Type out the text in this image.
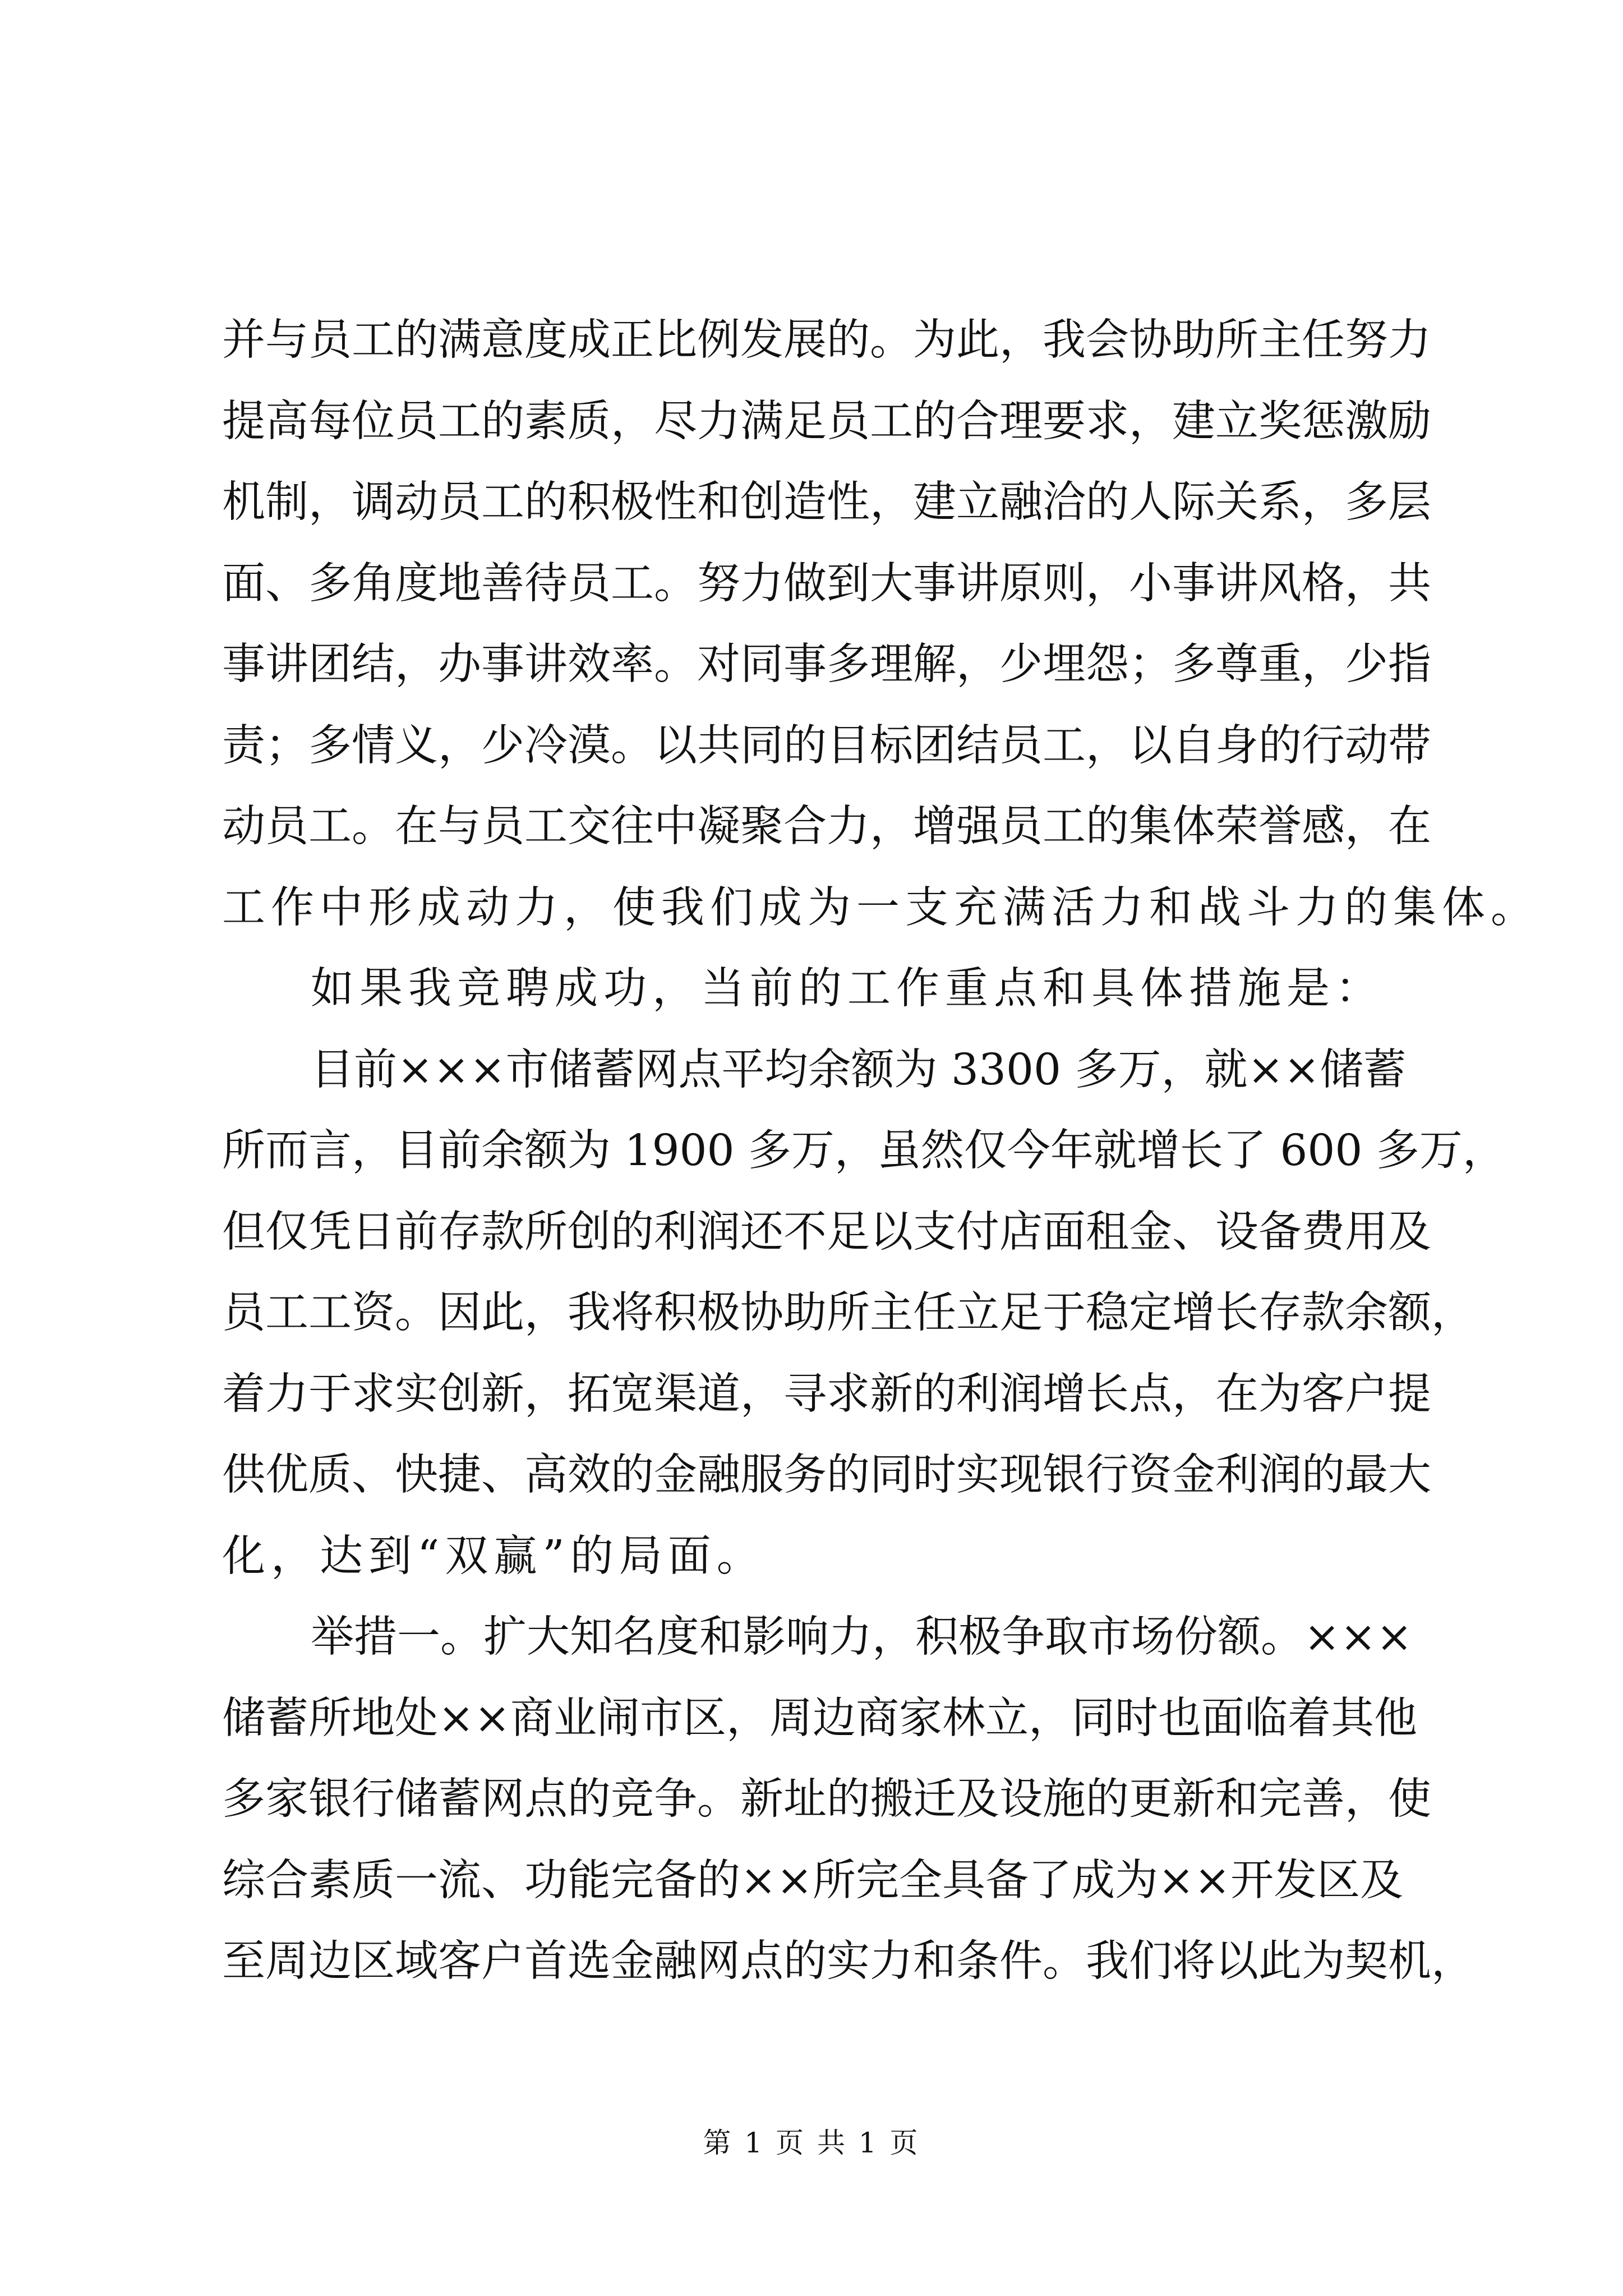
并与员工的满意度成正比例发展的。为此，我会协助所主任努力
提高每位员工的素质，尽力满足员工的合理要求，建立奖惩激励
机制，调动员工的积极性和创造性，建立融洽的人际关系，多层
面、多角度地善待员工。努力做到大事讲原则，小事讲风格，共
事讲团结，办事讲效率。对同事多理解，少埋怨；多尊重，少指
责；多情义，少冷漠。以共同的目标团结员工，以自身的行动带
动员工。在与员工交往中凝聚合力，增强员工的集体荣誉感，在
工作中形成动力，使我们成为一支充满活力和战斗力的集体。
如果我竞聘成功，当前的工作重点和具体措施是：
目前×××市储蓄网点平均余额为 3300 多万，就××储蓄
所而言，目前余额为 1900 多万，虽然仅今年就增长了 600 多万，
但仅凭日前存款所创的利润还不足以支付店面租金、设备费用及
员工工资。因此，我将积极协助所主任立足于稳定增长存款余额，
着力于求实创新，拓宽渠道，寻求新的利润增长点，在为客户提
供优质、快捷、高效的金融服务的同时实现银行资金利润的最大
化，达到“双赢”的局面。
举措一。扩大知名度和影响力，积极争取市场份额。×××
储蓄所地处××商业闹市区，周边商家林立，同时也面临着其他
多家银行储蓄网点的竞争。新址的搬迁及设施的更新和完善，使
综合素质一流、功能完备的××所完全具备了成为××开发区及
至周边区域客户首选金融网点的实力和条件。我们将以此为契机，
第 1 页 共 1 页
